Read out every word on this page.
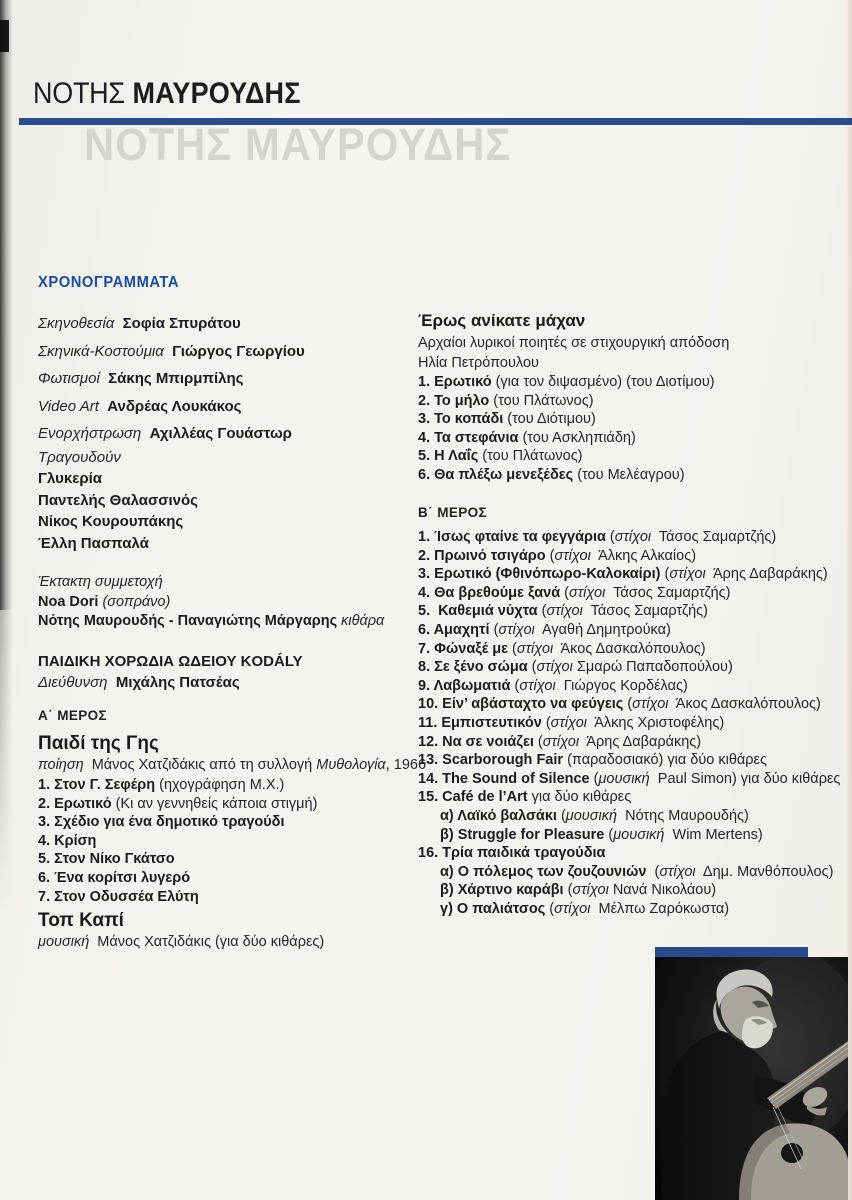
ΝΟΤΗΣ ΜΑΥΡΟΥΔΗΣ
ΝΟΤΗΣ ΜΑΥΡΟΥΔΗΣ
ΧΡΟΝΟΓΡΑΜΜΑΤΑ
Σκηνοθεσία Σοφία Σπυράτου
Σκηνικά-Κοστούμια Γιώργος Γεωργίου
Φωτισμοί Σάκης Μπιρμπίλης
Video Art Ανδρέας Λουκάκος
Ενορχήστρωση Αχιλλέας Γουάστωρ
Τραγουδούν
Γλυκερία
Παντελής Θαλασσινός
Νίκος Κουρουπάκης
Έλλη Πασπαλά
Έκτακτη συμμετοχή
Noa Dori (σοπράνο)
Νότης Μαυρουδής - Παναγιώτης Μάργαρης κιθάρα
ΠΑΙΔΙΚΗ ΧΟΡΩΔΙΑ ΩΔΕΙΟΥ KODÁLY
Διεύθυνση Μιχάλης Πατσέας
Α΄ ΜΕΡΟΣ
Παιδί της Γης
ποίηση  Μάνος Χατζιδάκις από τη συλλογή Μυθολογία, 1966
1. Στον Γ. Σεφέρη (ηχογράφηση Μ.Χ.)
2. Ερωτικό (Κι αν γεννηθείς κάποια στιγμή)
3. Σχέδιο για ένα δημοτικό τραγούδι
4. Κρίση
5. Στον Νίκο Γκάτσο
6. Ένα κορίτσι λυγερό
7. Στον Οδυσσέα Ελύτη
Τοπ Καπί
μουσική  Μάνος Χατζιδάκις (για δύο κιθάρες)
Έρως ανίκατε μάχαν
Αρχαίοι λυρικοί ποιητές σε στιχουργική απόδοση
Ηλία Πετρόπουλου
1. Ερωτικό (για τον διψασμένο) (του Διοτίμου)
2. Το μήλο (του Πλάτωνος)
3. Το κοπάδι (του Διότιμου)
4. Τα στεφάνια (του Ασκληπιάδη)
5. Η Λαΐς (του Πλάτωνος)
6. Θα πλέξω μενεξέδες (του Μελέαγρου)
Β΄ ΜΕΡΟΣ
1. Ίσως φταίνε τα φεγγάρια (στίχοι  Τάσος Σαμαρτζής)
2. Πρωινό τσιγάρο (στίχοι  Άλκης Αλκαίος)
3. Ερωτικό (Φθινόπωρο-Καλοκαίρι) (στίχοι  Άρης Δαβαράκης)
4. Θα βρεθούμε ξανά (στίχοι  Τάσος Σαμαρτζής)
5.  Καθεμιά νύχτα (στίχοι  Τάσος Σαμαρτζής)
6. Αμαχητί (στίχοι  Αγαθή Δημητρούκα)
7. Φώναξέ με (στίχοι  Άκος Δασκαλόπουλος)
8. Σε ξένο σώμα (στίχοι Σμαρώ Παπαδοπούλου)
9. Λαβωματιά (στίχοι  Γιώργος Κορδέλας)
10. Είν’ αβάσταχτο να φεύγεις (στίχοι  Άκος Δασκαλόπουλος)
11. Εμπιστευτικόν (στίχοι  Άλκης Χριστοφέλης)
12. Να σε νοιάζει (στίχοι  Άρης Δαβαράκης)
13. Scarborough Fair (παραδοσιακό) για δύο κιθάρες
14. The Sound of Silence (μουσική  Paul Simon) για δύο κιθάρες
15. Café de l’Art για δύο κιθάρες
α) Λαϊκό βαλσάκι (μουσική  Νότης Μαυρουδής)
β) Struggle for Pleasure (μουσική  Wim Mertens)
16. Τρία παιδικά τραγούδια
α) Ο πόλεμος των ζουζουνιών  (στίχοι  Δημ. Μανθόπουλος)
β) Χάρτινο καράβι (στίχοι Νανά Νικολάου)
γ) Ο παλιάτσος (στίχοι  Μέλπω Ζαρόκωστα)
